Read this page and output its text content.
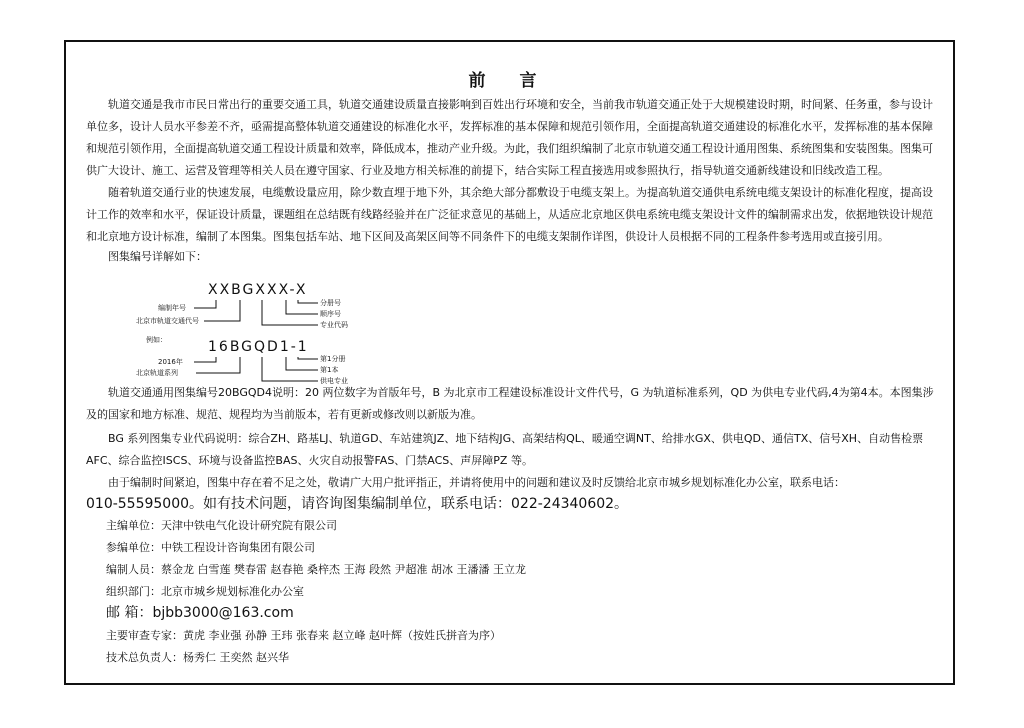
前 言

轨道交通是我市市民日常出行的重要交通工具，轨道交通建设质量直接影响到百姓出行环境和安全，当前我市轨道交通正处于大规模建设时期，时间紧、任务重，参与设计单位多，设计人员水平参差不齐，亟需提高整体轨道交通建设的标准化水平，发挥标准的基本保障和规范引领作用，全面提高轨道交通建设的标准化水平，发挥标准的基本保障和规范引领作用，全面提高轨道交通工程设计质量和效率，降低成本，推动产业升级。为此，我们组织编制了北京市轨道交通工程设计通用图集、系统图集和安装图集。图集可供广大设计、施工、运营及管理等相关人员在遵守国家、行业及地方相关标准的前提下，结合实际工程直接选用或参照执行，指导轨道交通新线建设和旧线改造工程。

随着轨道交通行业的快速发展，电缆敷设量应用，除少数直埋于地下外，其余绝大部分都敷设于电缆支架上。为提高轨道交通供电系统电缆支架设计的标准化程度，提高设计工作的效率和水平，保证设计质量，课题组在总结既有线路经验并在广泛征求意见的基础上，从适应北京地区供电系统电缆支架设计文件的编制需求出发，依据地铁设计规范和北京地方设计标准，编制了本图集。图集包括车站、地下区间及高架区间等不同条件下的电缆支架制作详图，供设计人员根据不同的工程条件参考选用或直接引用。

图集编号详解如下：
XXBGXXX-X
编制年号
北京市轨道交通代号
分册号
顺序号
专业代码
例如：	16BGQD1-1
2016年
北京轨道系列
第1分册
第1本
供电专业

轨道交通通用图集编号20BGQD4说明：20 两位数字为首版年号，B 为北京市工程建设标准设计文件代号，G 为轨道标准系列，QD 为供电专业代码,4为第4本。本图集涉及的国家和地方标准、规范、规程均为当前版本，若有更新或修改则以新版为准。

BG 系列图集专业代码说明：综合ZH、路基LJ、轨道GD、车站建筑JZ、地下结构JG、高架结构QL、暖通空调NT、给排水GX、供电QD、通信TX、信号XH、自动售检票AFC、综合监控ISCS、环境与设备监控BAS、火灾自动报警FAS、门禁ACS、声屏障PZ 等。

由于编制时间紧迫，图集中存在着不足之处，敬请广大用户批评指正，并请将使用中的问题和建议及时反馈给北京市城乡规划标准化办公室，联系电话：

010-55595000。如有技术问题，请咨询图集编制单位，联系电话：022-24340602。
主编单位：天津中铁电气化设计研究院有限公司
参编单位：中铁工程设计咨询集团有限公司
编制人员：蔡金龙 白雪莲 樊春雷 赵春艳 桑梓杰 王海 段然 尹超准 胡冰 王潘潘 王立龙
组织部门：北京市城乡规划标准化办公室
邮 箱：bjbb3000@163.com
主要审查专家：黄虎 李业强 孙静 王玮 张春来 赵立峰 赵叶辉（按姓氏拼音为序）
技术总负责人：杨秀仁 王奕然 赵兴华
